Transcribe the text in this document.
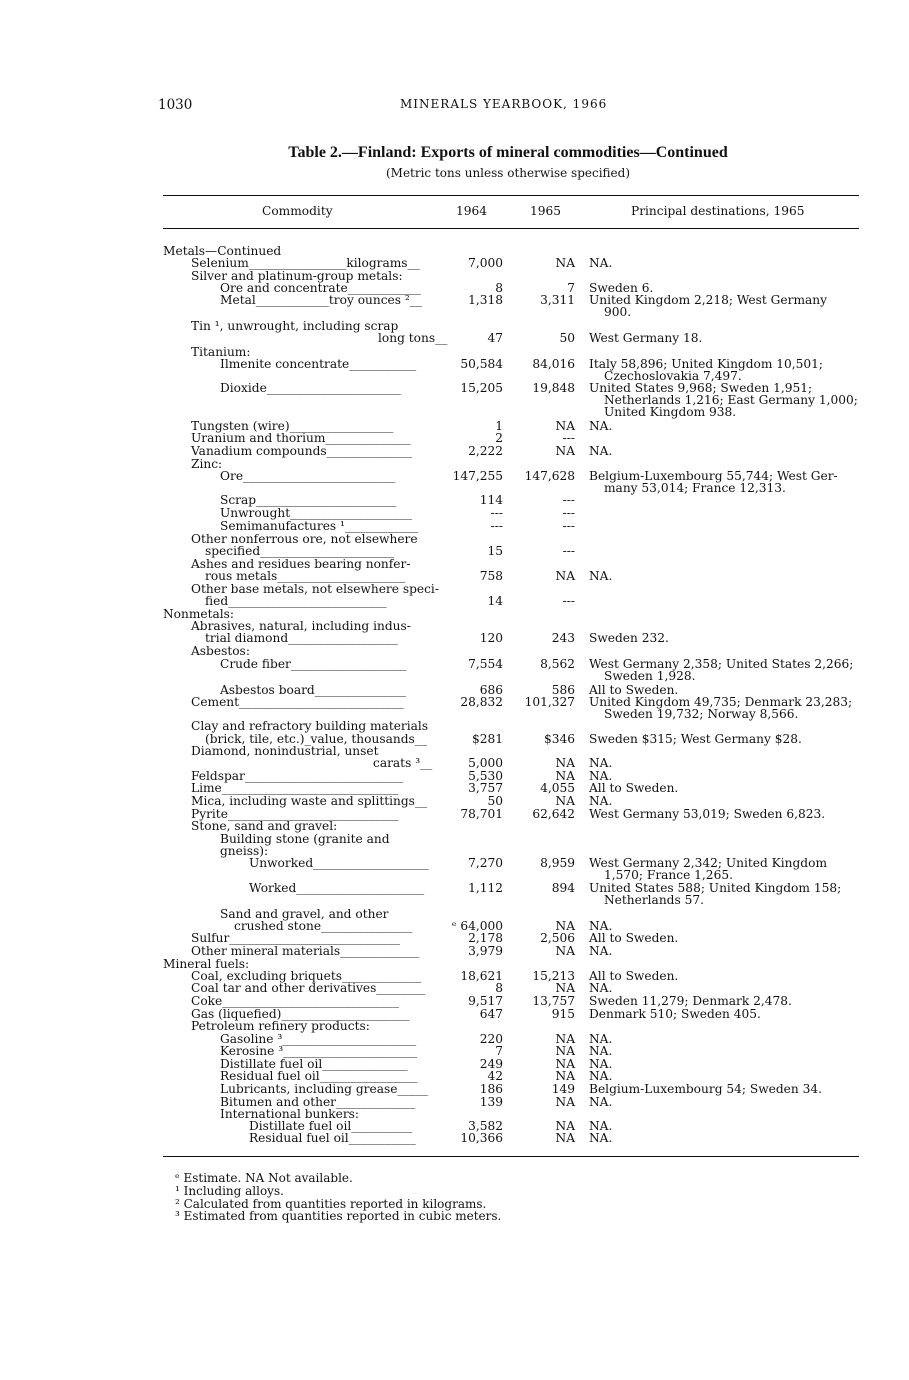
1030	MINERALS YEARBOOK, 1966
Table 2.—Finland: Exports of mineral commodities—Continued
(Metric tons unless otherwise specified)
Commodity	1964	1965	Principal destinations, 1965
Metals—Continued
Selenium________________kilograms__	7,000	NA NA.
Silver and platinum-group metals:
Ore and concentrate____________	8	7 Sweden 6.
Metal____________troy ounces ²__	1,318	3,311 United Kingdom 2,218; West Germany
900.
Tin ¹, unwrought, including scrap
long tons__	47	50 West Germany 18.
Titanium:
Ilmenite concentrate___________	50,584	84,016 Italy 58,896; United Kingdom 10,501;
Czechoslovakia 7,497.
Dioxide______________________	15,205	19,848 United States 9,968; Sweden 1,951;
Netherlands 1,216; East Germany 1,000;
United Kingdom 938.
Tungsten (wire)_________________	1	NA NA.
Uranium and thorium______________	2	---
Vanadium compounds______________	2,222	NA NA.
Zinc:
Ore_________________________	147,255	147,628 Belgium-Luxembourg 55,744; West Ger-
many 53,014; France 12,313.
Scrap_______________________	114	---
Unwrought____________________	---	---
Semimanufactures ¹____________	---	---
Other nonferrous ore, not elsewhere
specified______________________	15	---
Ashes and residues bearing nonfer-
rous metals_____________________	758	NA NA.
Other base metals, not elsewhere speci-
fied__________________________	14	---
Nonmetals:
Abrasives, natural, including indus-
trial diamond__________________	120	243 Sweden 232.
Asbestos:
Crude fiber___________________	7,554	8,562 West Germany 2,358; United States 2,266;
Sweden 1,928.
Asbestos board_______________	686	586 All to Sweden.
Cement___________________________	28,832	101,327 United Kingdom 49,735; Denmark 23,283;
Sweden 19,732; Norway 8,566.
Clay and refractory building materials
(brick, tile, etc.)_value, thousands__	$281	$346 Sweden $315; West Germany $28.
Diamond, nonindustrial, unset
carats ³__	5,000	NA NA.
Feldspar__________________________	5,530	NA NA.
Lime_____________________________	3,757	4,055 All to Sweden.
Mica, including waste and splittings__	50	NA NA.
Pyrite____________________________	78,701	62,642 West Germany 53,019; Sweden 6,823.
Stone, sand and gravel:
Building stone (granite and
gneiss):
Unworked___________________	7,270	8,959 West Germany 2,342; United Kingdom
1,570; France 1,265.
Worked_____________________	1,112	894 United States 588; United Kingdom 158;
Netherlands 57.
Sand and gravel, and other
crushed stone_______________	ᵉ 64,000	NA NA.
Sulfur____________________________	2,178	2,506 All to Sweden.
Other mineral materials_____________	3,979	NA NA.
Mineral fuels:
Coal, excluding briquets_____________	18,621	15,213 All to Sweden.
Coal tar and other derivatives________	8	NA NA.
Coke_____________________________	9,517	13,757 Sweden 11,279; Denmark 2,478.
Gas (liquefied)_____________________	647	915 Denmark 510; Sweden 405.
Petroleum refinery products:
Gasoline ³______________________	220	NA NA.
Kerosine ³______________________	7	NA NA.
Distillate fuel oil______________	249	NA NA.
Residual fuel oil________________	42	NA NA.
Lubricants, including grease_____	186	149 Belgium-Luxembourg 54; Sweden 34.
Bitumen and other_____________	139	NA NA.
International bunkers:
Distillate fuel oil__________	3,582	NA NA.
Residual fuel oil___________	10,366	NA NA.
ᵉ Estimate. NA Not available.
¹ Including alloys.
² Calculated from quantities reported in kilograms.
³ Estimated from quantities reported in cubic meters.
